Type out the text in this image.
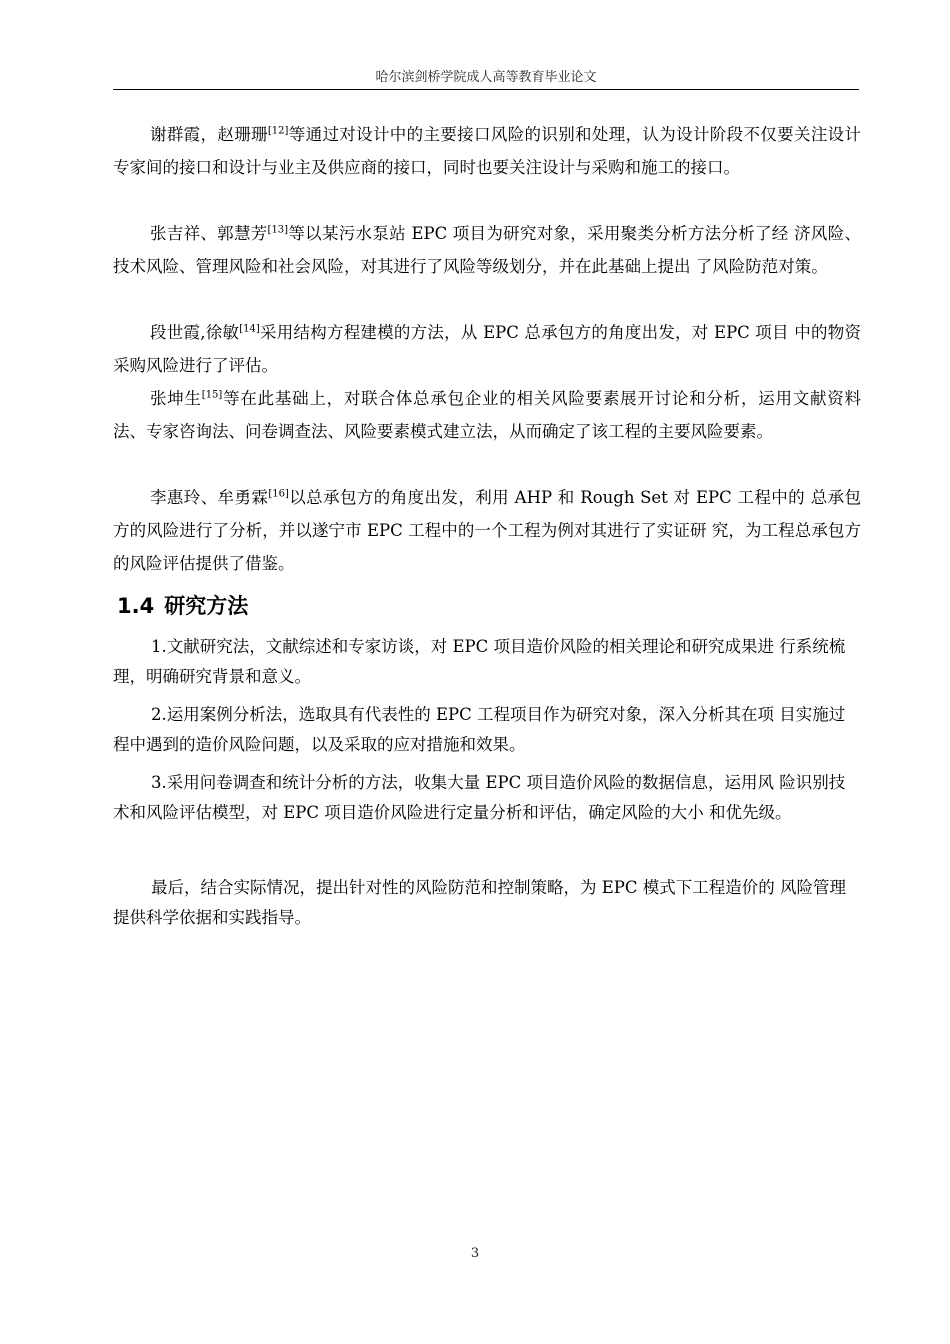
哈尔滨剑桥学院成人高等教育毕业论文

谢群霞，赵珊珊[12]等通过对设计中的主要接口风险的识别和处理，认为设计阶段不仅要关注设计专家间的接口和设计与业主及供应商的接口，同时也要关注设计与采购和施工的接口。

张吉祥、郭慧芳[13]等以某污水泵站 EPC 项目为研究对象，采用聚类分析方法分析了经 济风险、技术风险、管理风险和社会风险，对其进行了风险等级划分，并在此基础上提出 了风险防范对策。

段世霞,徐敏[14]采用结构方程建模的方法，从 EPC 总承包方的角度出发，对 EPC 项目 中的物资采购风险进行了评估。

张坤生[15]等在此基础上，对联合体总承包企业的相关风险要素展开讨论和分析，运用文献资料法、专家咨询法、问卷调查法、风险要素模式建立法，从而确定了该工程的主要风险要素。

李惠玲、牟勇霖[16]以总承包方的角度出发，利用 AHP 和 Rough Set 对 EPC 工程中的 总承包方的风险进行了分析，并以遂宁市 EPC 工程中的一个工程为例对其进行了实证研 究，为工程总承包方的风险评估提供了借鉴。

1.4 研究方法

1.文献研究法，文献综述和专家访谈，对 EPC 项目造价风险的相关理论和研究成果进 行系统梳理，明确研究背景和意义。

2.运用案例分析法，选取具有代表性的 EPC 工程项目作为研究对象，深入分析其在项 目实施过程中遇到的造价风险问题，以及采取的应对措施和效果。

3.采用问卷调查和统计分析的方法，收集大量 EPC 项目造价风险的数据信息，运用风 险识别技术和风险评估模型，对 EPC 项目造价风险进行定量分析和评估，确定风险的大小 和优先级。

最后，结合实际情况，提出针对性的风险防范和控制策略，为 EPC 模式下工程造价的 风险管理提供科学依据和实践指导。

3
